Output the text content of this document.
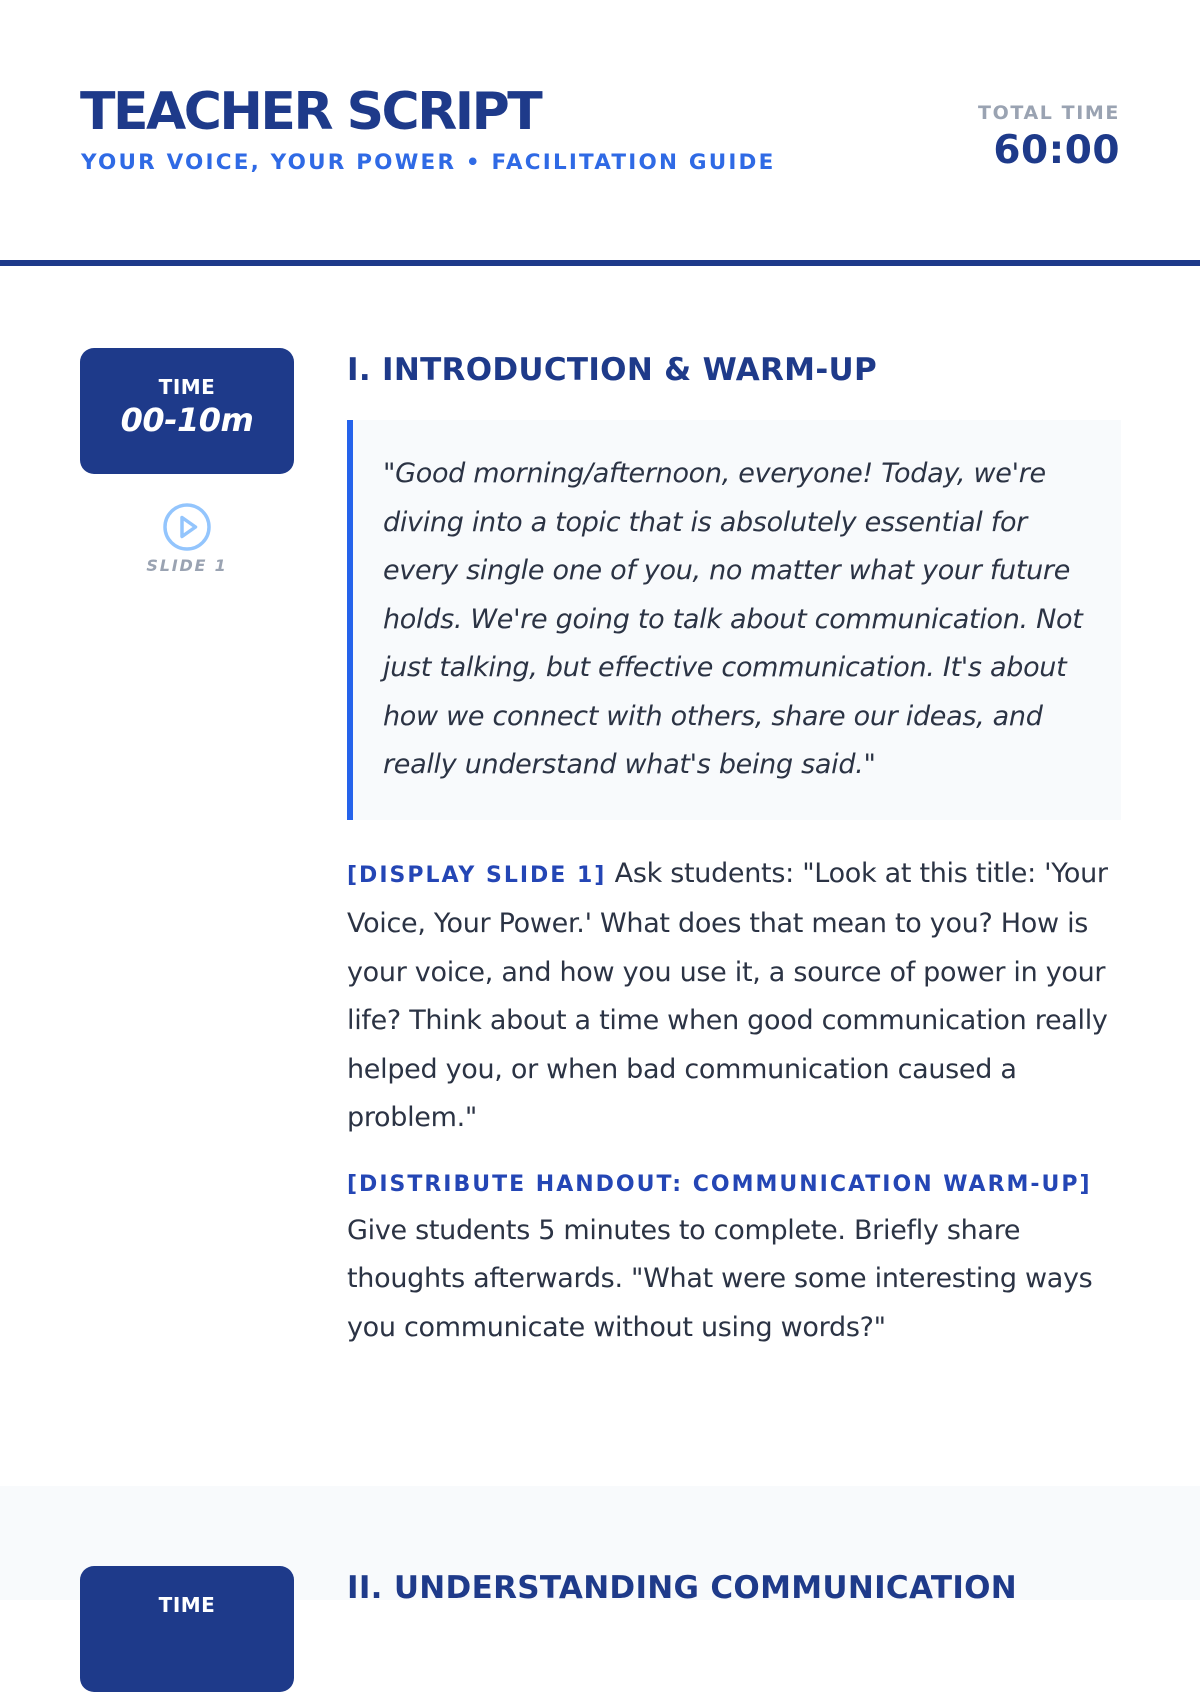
TEACHER SCRIPT
YOUR VOICE, YOUR POWER • FACILITATION GUIDE
TOTAL TIME
60:00
TIME
00-10m
SLIDE 1
I. INTRODUCTION & WARM-UP
"Good morning/afternoon, everyone! Today, we're diving into a topic that is absolutely essential for every single one of you, no matter what your future holds. We're going to talk about communication. Not just talking, but effective communication. It's about how we connect with others, share our ideas, and really understand what's being said."
[DISPLAY SLIDE 1] Ask students: "Look at this title: 'Your Voice, Your Power.' What does that mean to you? How is your voice, and how you use it, a source of power in your life? Think about a time when good communication really helped you, or when bad communication caused a problem."
[DISTRIBUTE HANDOUT: COMMUNICATION WARM-UP]
Give students 5 minutes to complete. Briefly share thoughts afterwards. "What were some interesting ways you communicate without using words?"
TIME	II. UNDERSTANDING COMMUNICATION
